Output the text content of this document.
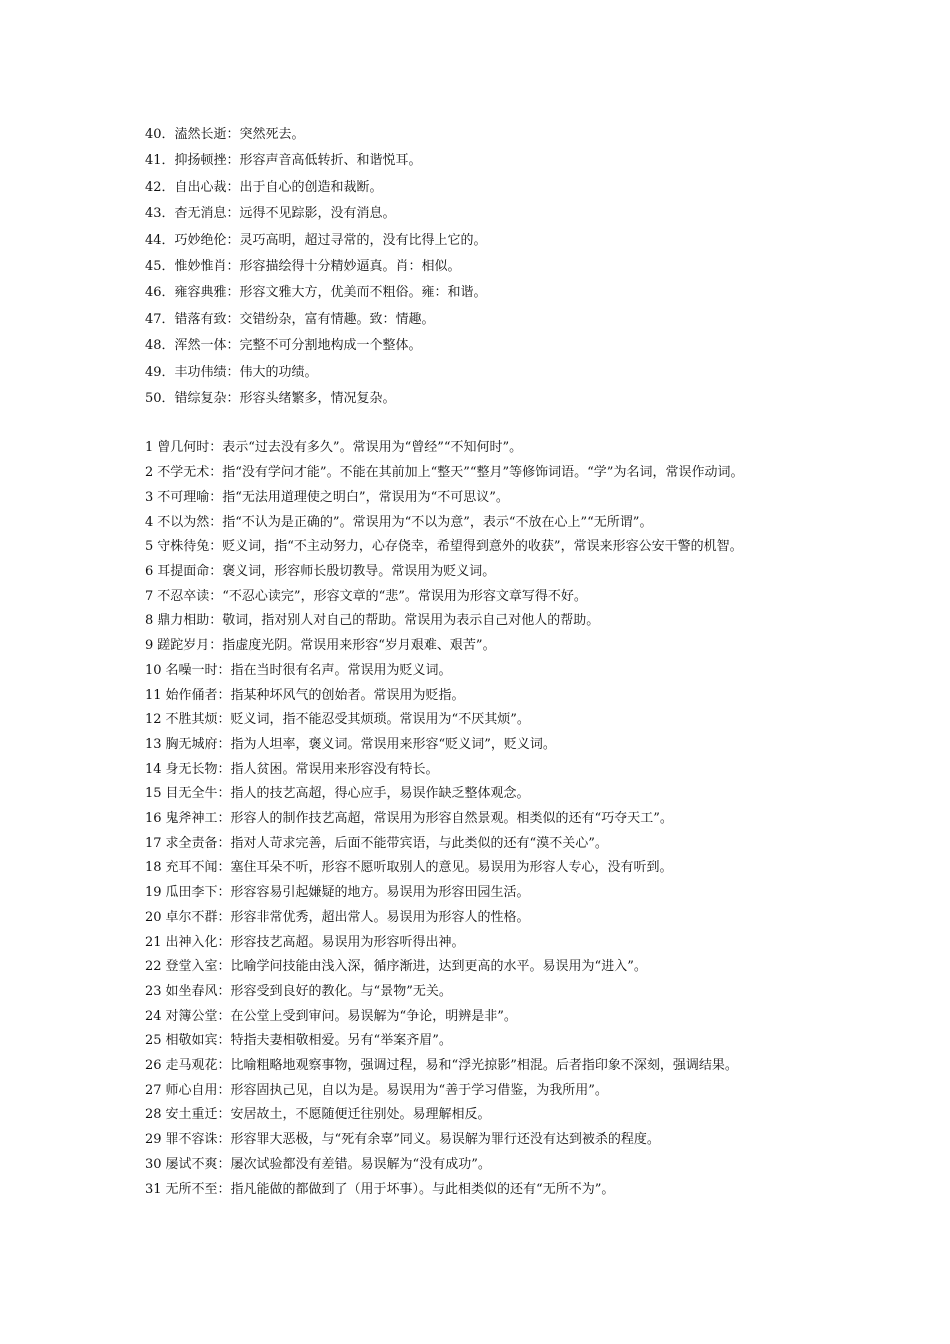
40．溘然长逝：突然死去。
41．抑扬顿挫：形容声音高低转折、和谐悦耳。
42．自出心裁：出于自心的创造和裁断。
43．杳无消息：远得不见踪影，没有消息。
44．巧妙绝伦：灵巧高明，超过寻常的，没有比得上它的。
45．惟妙惟肖：形容描绘得十分精妙逼真。肖：相似。
46．雍容典雅：形容文雅大方，优美而不粗俗。雍：和谐。
47．错落有致：交错纷杂，富有情趣。致：情趣。
48．浑然一体：完整不可分割地构成一个整体。
49．丰功伟绩：伟大的功绩。
50．错综复杂：形容头绪繁多，情况复杂。
1 曾几何时：表示“过去没有多久”。常误用为“曾经”“不知何时”。
2 不学无术：指“没有学问才能”。不能在其前加上“整天”“整月”等修饰词语。“学”为名词，常误作动词。
3 不可理喻：指“无法用道理使之明白”，常误用为“不可思议”。
4 不以为然：指“不认为是正确的”。常误用为“不以为意”，表示“不放在心上”“无所谓”。
5 守株待兔：贬义词，指“不主动努力，心存侥幸，希望得到意外的收获”，常误来形容公安干警的机智。
6 耳提面命：褒义词，形容师长殷切教导。常误用为贬义词。
7 不忍卒读：“不忍心读完”，形容文章的“悲”。常误用为形容文章写得不好。
8 鼎力相助：敬词，指对别人对自己的帮助。常误用为表示自己对他人的帮助。
9 蹉跎岁月：指虚度光阴。常误用来形容“岁月艰难、艰苦”。
10 名噪一时：指在当时很有名声。常误用为贬义词。
11 始作俑者：指某种坏风气的创始者。常误用为贬指。
12 不胜其烦：贬义词，指不能忍受其烦琐。常误用为“不厌其烦”。
13 胸无城府：指为人坦率，褒义词。常误用来形容“贬义词”，贬义词。
14 身无长物：指人贫困。常误用来形容没有特长。
15 目无全牛：指人的技艺高超，得心应手，易误作缺乏整体观念。
16 鬼斧神工：形容人的制作技艺高超，常误用为形容自然景观。相类似的还有“巧夺天工”。
17 求全责备：指对人苛求完善，后面不能带宾语，与此类似的还有“漠不关心”。
18 充耳不闻：塞住耳朵不听，形容不愿听取别人的意见。易误用为形容人专心，没有听到。
19 瓜田李下：形容容易引起嫌疑的地方。易误用为形容田园生活。
20 卓尔不群：形容非常优秀，超出常人。易误用为形容人的性格。
21 出神入化：形容技艺高超。易误用为形容听得出神。
22 登堂入室：比喻学问技能由浅入深，循序渐进，达到更高的水平。易误用为“进入”。
23 如坐春风：形容受到良好的教化。与“景物”无关。
24 对簿公堂：在公堂上受到审问。易误解为“争论，明辨是非”。
25 相敬如宾：特指夫妻相敬相爱。另有“举案齐眉”。
26 走马观花：比喻粗略地观察事物，强调过程，易和“浮光掠影”相混。后者指印象不深刻，强调结果。
27 师心自用：形容固执己见，自以为是。易误用为“善于学习借鉴，为我所用”。
28 安土重迁：安居故土，不愿随便迁往别处。易理解相反。
29 罪不容诛：形容罪大恶极，与“死有余辜”同义。易误解为罪行还没有达到被杀的程度。
30 屡试不爽：屡次试验都没有差错。易误解为“没有成功”。
31 无所不至：指凡能做的都做到了（用于坏事）。与此相类似的还有“无所不为”。
